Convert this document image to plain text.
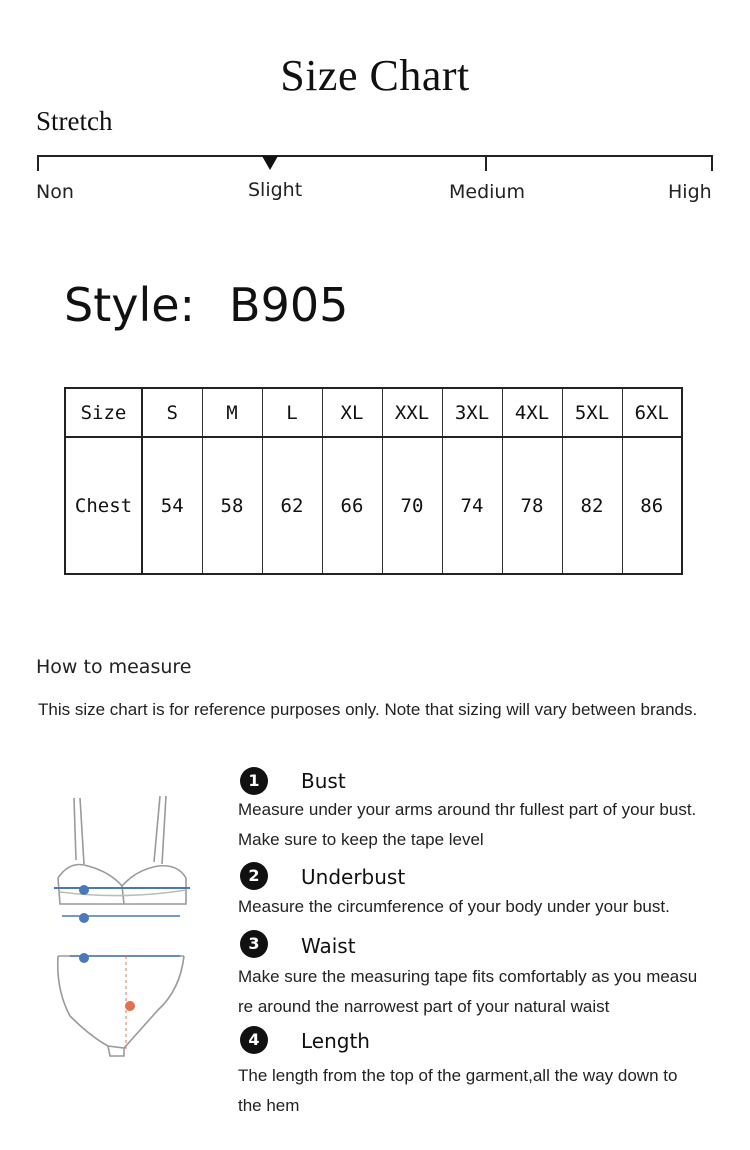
Size Chart
Stretch
Non	Slight	Medium	High
Style: B905
Size	S	M	L	XL	XXL	3XL	4XL	5XL	6XL
Chest	54	58	62	66	70	74	78	82	86
How to measure
This size chart is for reference purposes only. Note that sizing will vary between brands.
1	Bust
Measure under your arms around thr fullest part of your bust.
Make sure to keep the tape level
2	Underbust
Measure the circumference of your body under your bust.
3	Waist
Make sure the measuring tape fits comfortably as you measu
re around the narrowest part of your natural waist
4	Length
The length from the top of the garment,all the way down to
the hem
